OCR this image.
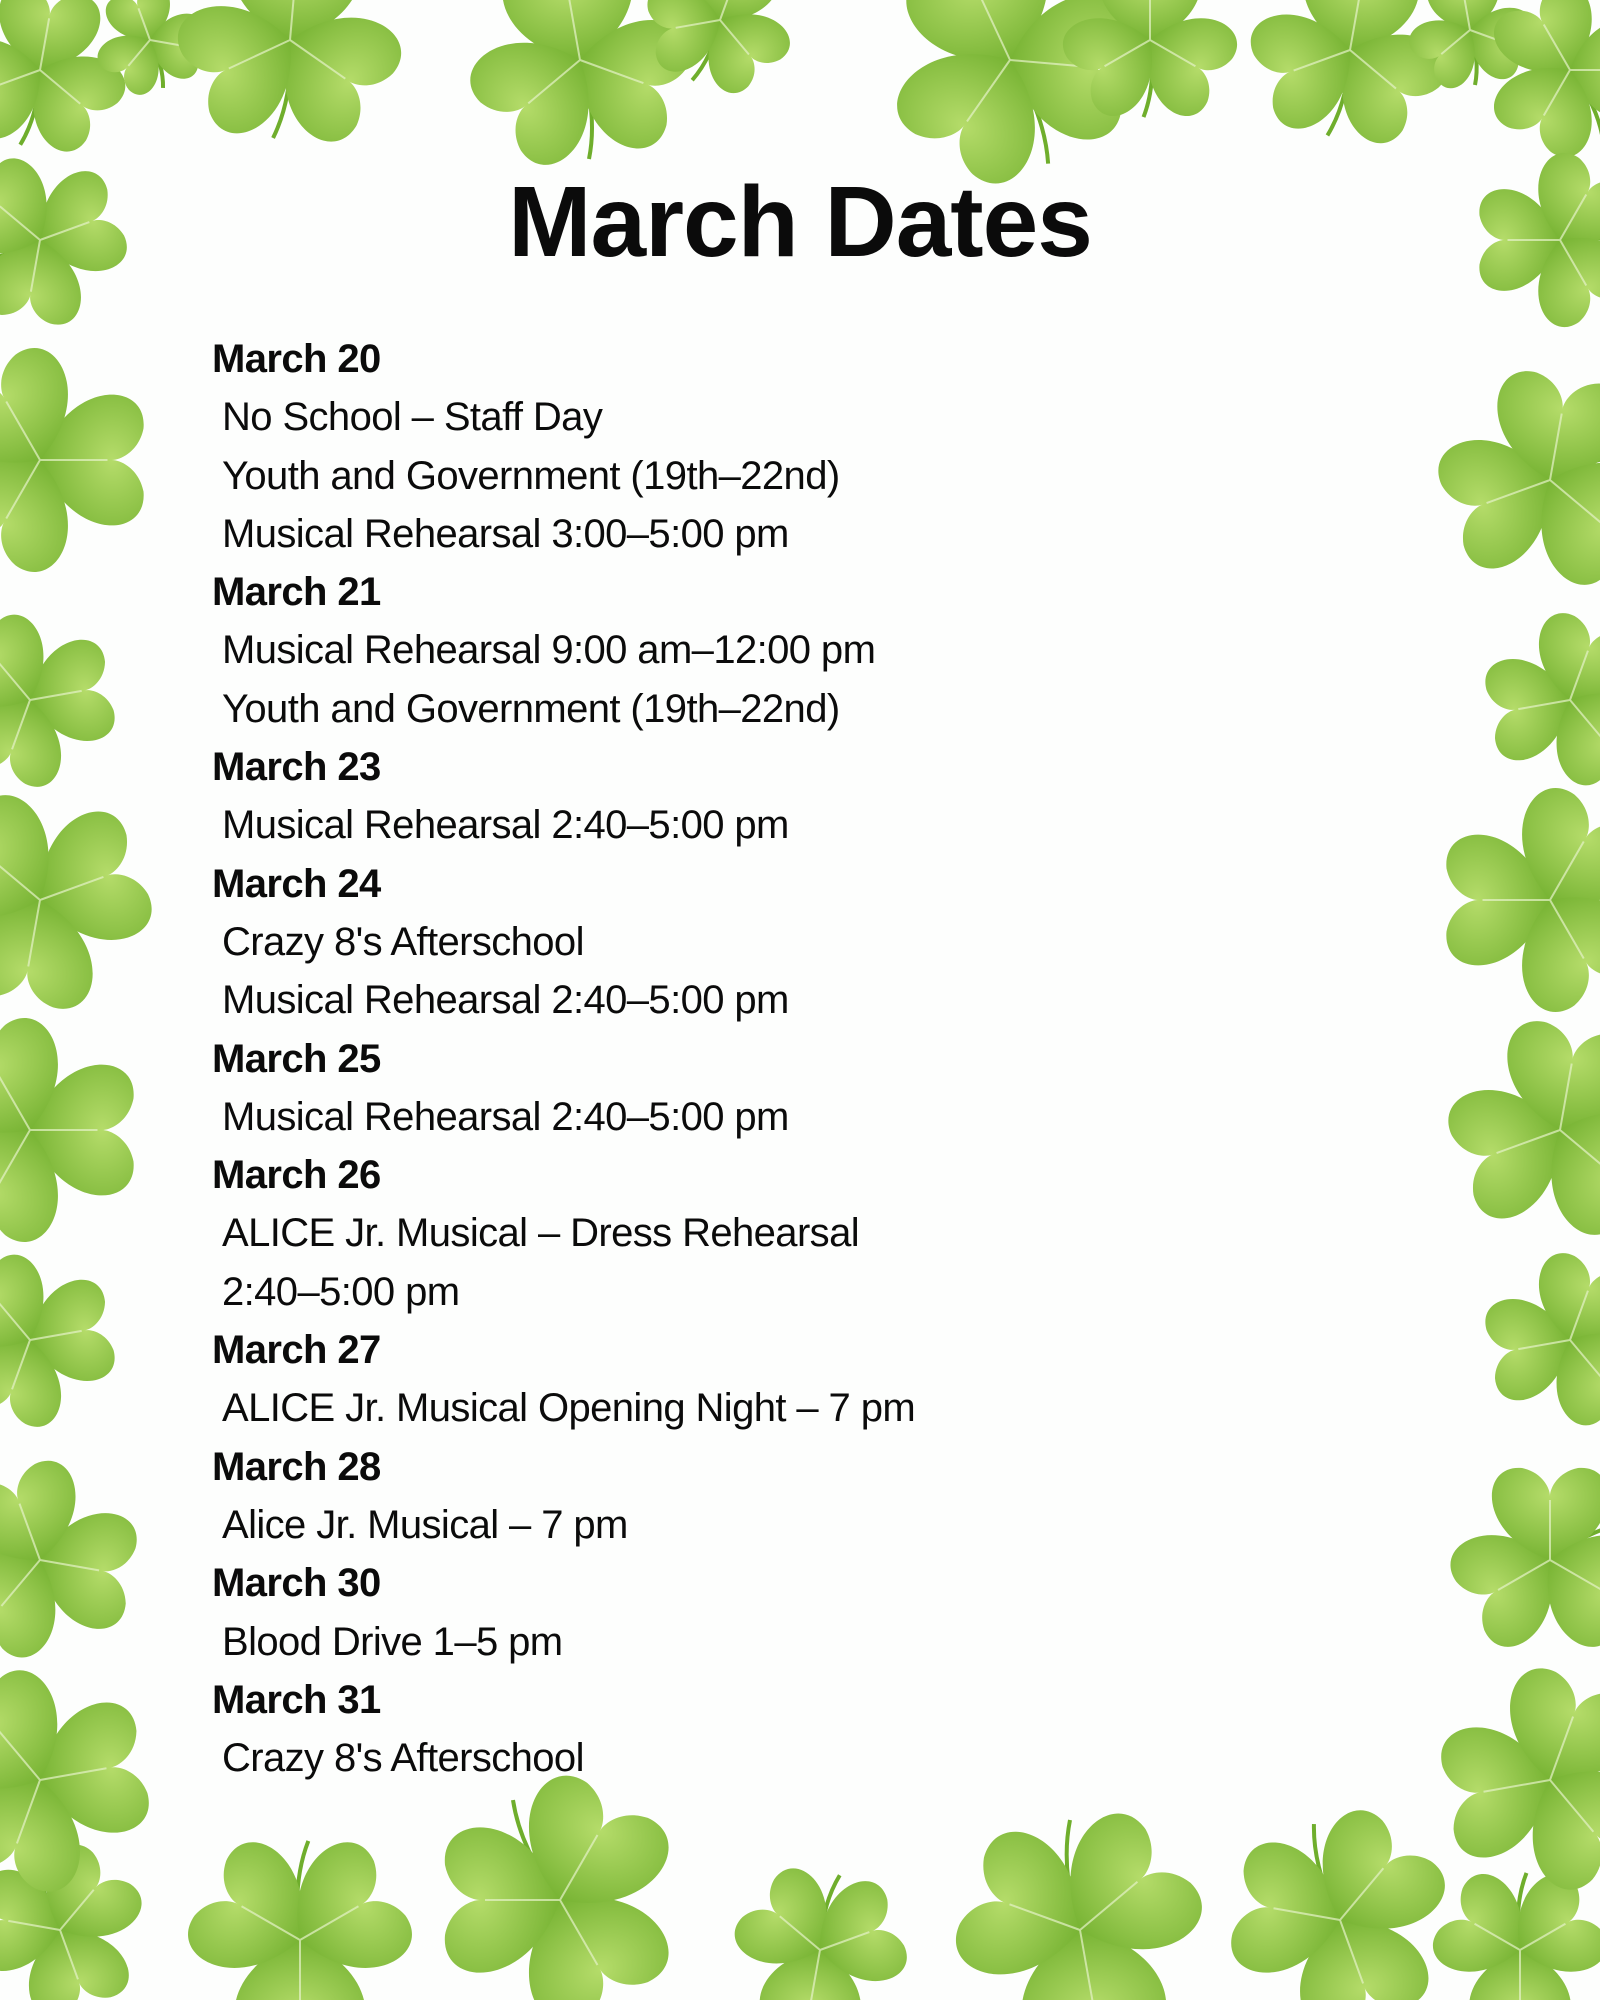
March Dates
March 20
No School – Staff Day
Youth and Government (19th–22nd)
Musical Rehearsal 3:00–5:00 pm
March 21
Musical Rehearsal 9:00 am–12:00 pm
Youth and Government (19th–22nd)
March 23
Musical Rehearsal 2:40–5:00 pm
March 24
Crazy 8's Afterschool
Musical Rehearsal 2:40–5:00 pm
March 25
Musical Rehearsal 2:40–5:00 pm
March 26
ALICE Jr. Musical – Dress Rehearsal
2:40–5:00 pm
March 27
ALICE Jr. Musical Opening Night – 7 pm
March 28
Alice Jr. Musical – 7 pm
March 30
Blood Drive 1–5 pm
March 31
Crazy 8's Afterschool
